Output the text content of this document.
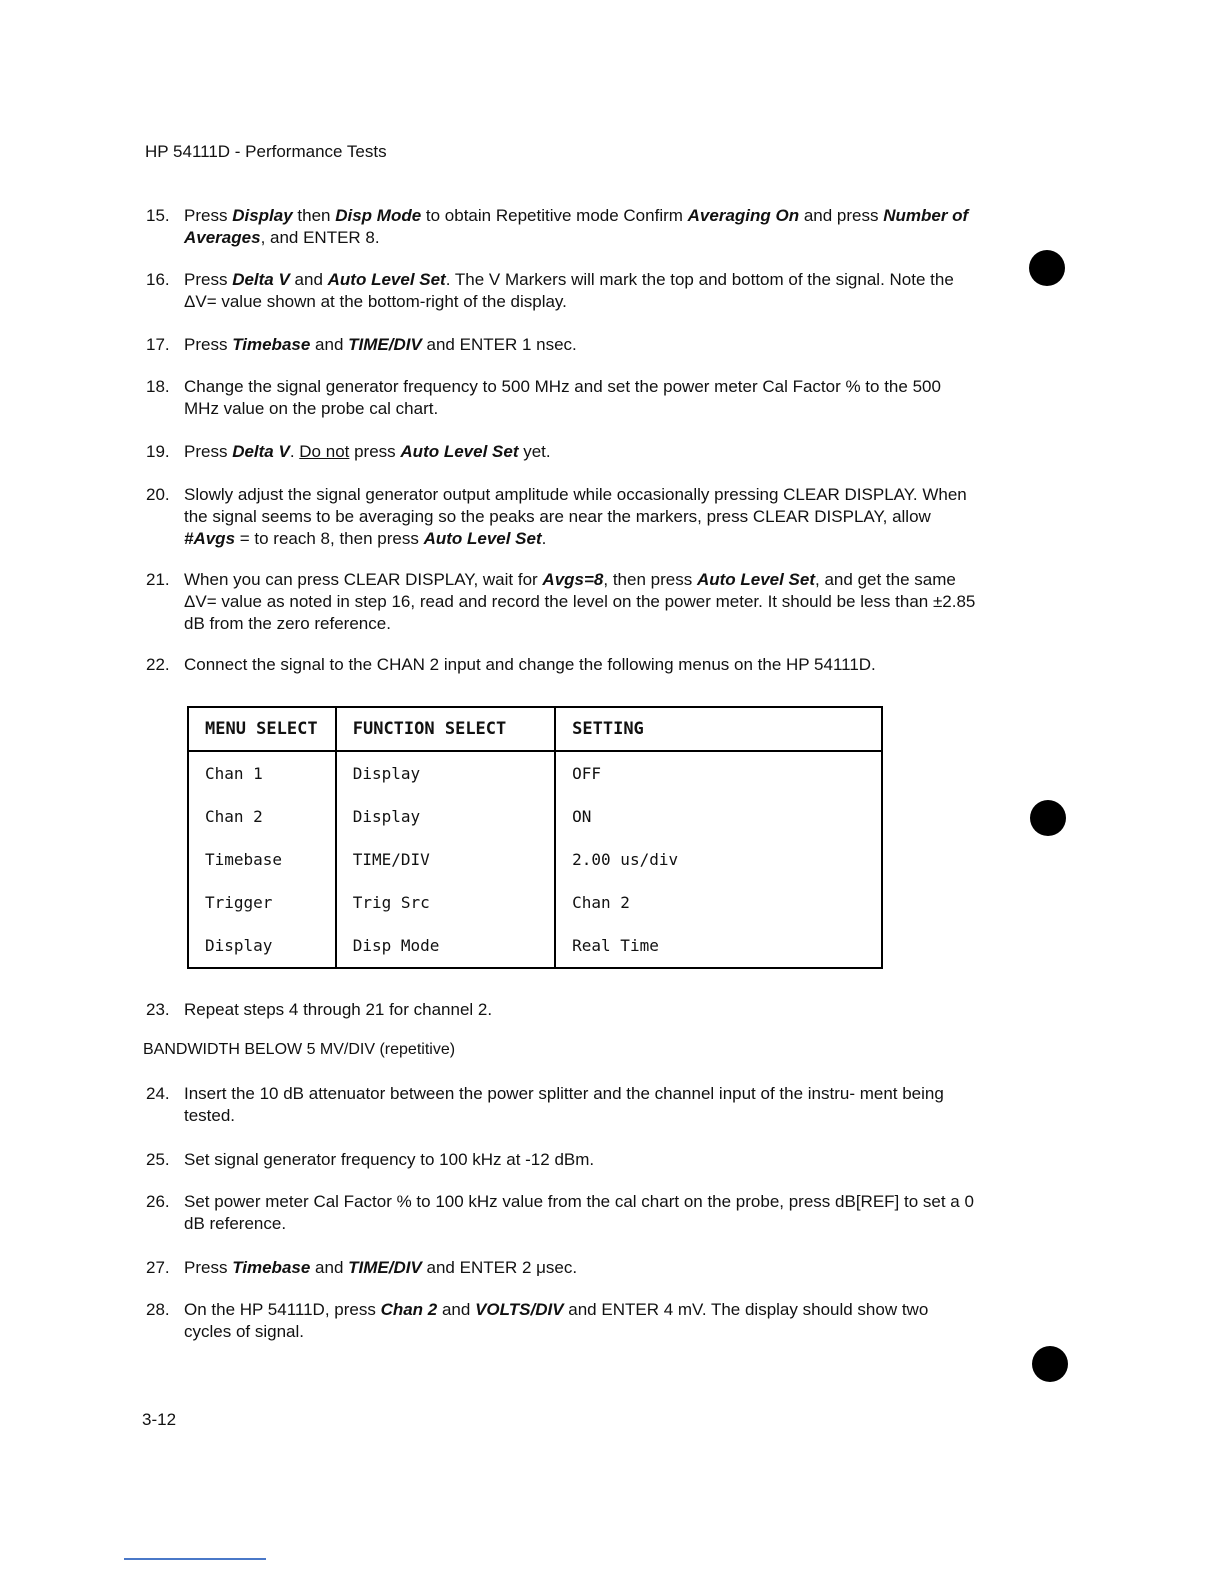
HP 54111D - Performance Tests
15. Press Display then Disp Mode to obtain Repetitive mode Confirm Averaging On and press Number of Averages, and ENTER 8.
16. Press Delta V and Auto Level Set. The V Markers will mark the top and bottom of the signal. Note the ΔV= value shown at the bottom-right of the display.
17. Press Timebase and TIME/DIV and ENTER 1 nsec.
18. Change the signal generator frequency to 500 MHz and set the power meter Cal Factor % to the 500 MHz value on the probe cal chart.
19. Press Delta V. Do not press Auto Level Set yet.
20. Slowly adjust the signal generator output amplitude while occasionally pressing CLEAR DISPLAY. When the signal seems to be averaging so the peaks are near the markers, press CLEAR DISPLAY, allow #Avgs = to reach 8, then press Auto Level Set.
21. When you can press CLEAR DISPLAY, wait for Avgs=8, then press Auto Level Set, and get the same ΔV= value as noted in step 16, read and record the level on the power meter. It should be less than ±2.85 dB from the zero reference.
22. Connect the signal to the CHAN 2 input and change the following menus on the HP 54111D.
MENU SELECT	FUNCTION SELECT	SETTING
Chan 1	Display	OFF
Chan 2	Display	ON
Timebase	TIME/DIV	2.00 us/div
Trigger	Trig Src	Chan 2
Display	Disp Mode	Real Time
23. Repeat steps 4 through 21 for channel 2.
BANDWIDTH BELOW 5 MV/DIV (repetitive)
24. Insert the 10 dB attenuator between the power splitter and the channel input of the instru- ment being tested.
25. Set signal generator frequency to 100 kHz at -12 dBm.
26. Set power meter Cal Factor % to 100 kHz value from the cal chart on the probe, press dB[REF] to set a 0 dB reference.
27. Press Timebase and TIME/DIV and ENTER 2 μsec.
28. On the HP 54111D, press Chan 2 and VOLTS/DIV and ENTER 4 mV. The display should show two cycles of signal.
3-12
